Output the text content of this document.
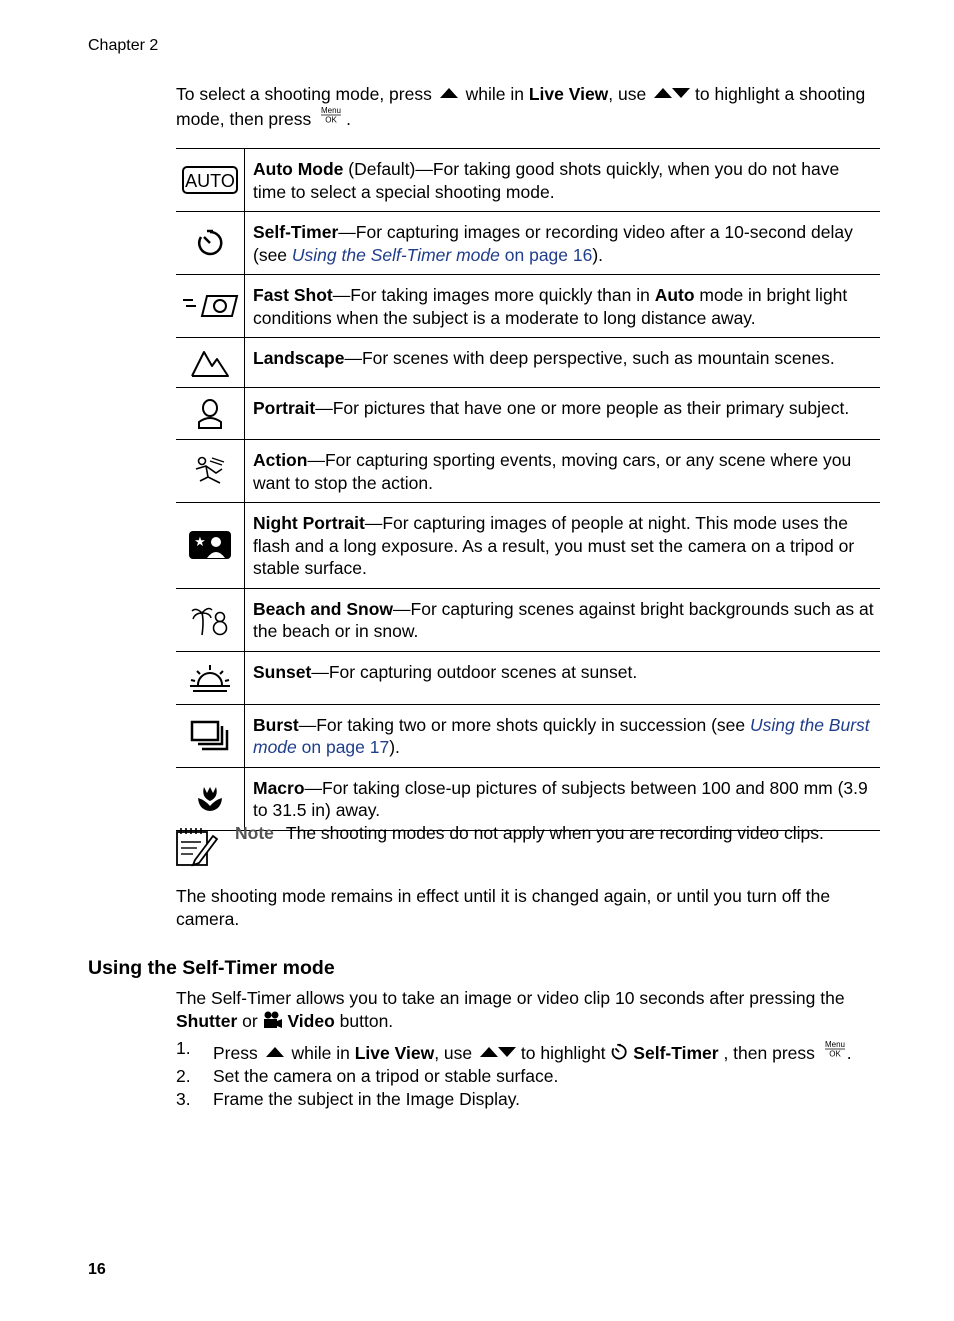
Chapter 2
To select a shooting mode, press while in Live View, use	to highlight a shooting mode, then press Menu
OK .
AUTO	Auto Mode (Default)—For taking good shots quickly, when you do not have time to select a special shooting mode.

	Self-Timer—For capturing images or recording video after a 10-second delay (see Using the Self-Timer mode on page 16).

	Fast Shot—For taking images more quickly than in Auto mode in bright light conditions when the subject is a moderate to long distance away.

	Landscape—For scenes with deep perspective, such as mountain scenes.

	Portrait—For pictures that have one or more people as their primary subject.

	Action—For capturing sporting events, moving cars, or any scene where you want to stop the action.

★	Night Portrait—For capturing images of people at night. This mode uses the flash and a long exposure. As a result, you must set the camera on a tripod or stable surface.

	Beach and Snow—For capturing scenes against bright backgrounds such as at the beach or in snow.

	Sunset—For capturing outdoor scenes at sunset.

	Burst—For taking two or more shots quickly in succession (see Using the Burst mode on page 17).

	Macro—For taking close-up pictures of subjects between 100 and 800 mm (3.9 to 31.5 in) away.
Note The shooting modes do not apply when you are recording video clips.
The shooting mode remains in effect until it is changed again, or until you turn off the camera.
Using the Self-Timer mode
The Self-Timer allows you to take an image or video clip 10 seconds after pressing the Shutter or Video button.
1.	Press while in Live View, use	to highlight Self-Timer , then press Menu
OK .
2.	Set the camera on a tripod or stable surface.
3.	Frame the subject in the Image Display.
16
